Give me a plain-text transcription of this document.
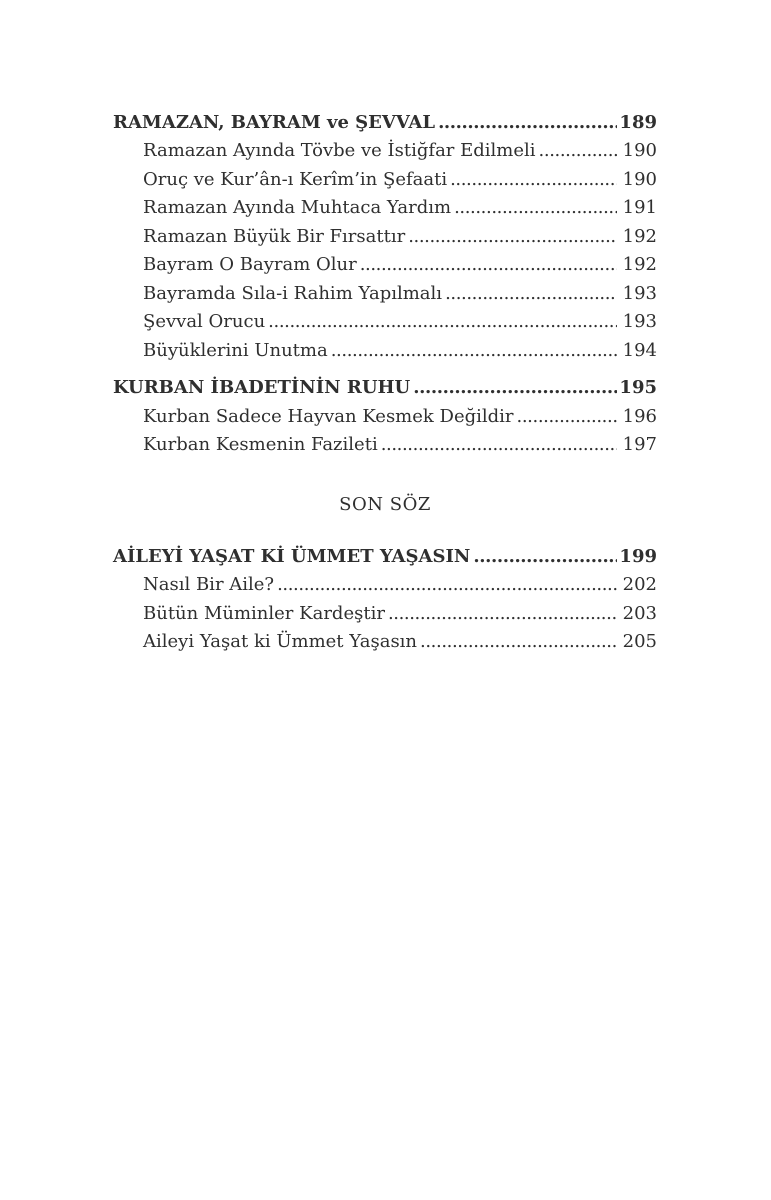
RAMAZAN, BAYRAM ve ŞEVVAL .....	189
Ramazan Ayında Tövbe ve İstiğfar Edilmeli .....	190
Oruç ve Kur’ân-ı Kerîm’in Şefaati .....	190
Ramazan Ayında Muhtaca Yardım .....	191
Ramazan Büyük Bir Fırsattır .....	192
Bayram O Bayram Olur .....	192
Bayramda Sıla-i Rahim Yapılmalı .....	193
Şevval Orucu .....	193
Büyüklerini Unutma .....	194
KURBAN İBADETİNİN RUHU .....	195
Kurban Sadece Hayvan Kesmek Değildir .....	196
Kurban Kesmenin Fazileti .....	197
SON SÖZ
AİLEYİ YAŞAT Kİ ÜMMET YAŞASIN .....	199
Nasıl Bir Aile? .....	202
Bütün Müminler Kardeştir .....	203
Aileyi Yaşat ki Ümmet Yaşasın .....	205
